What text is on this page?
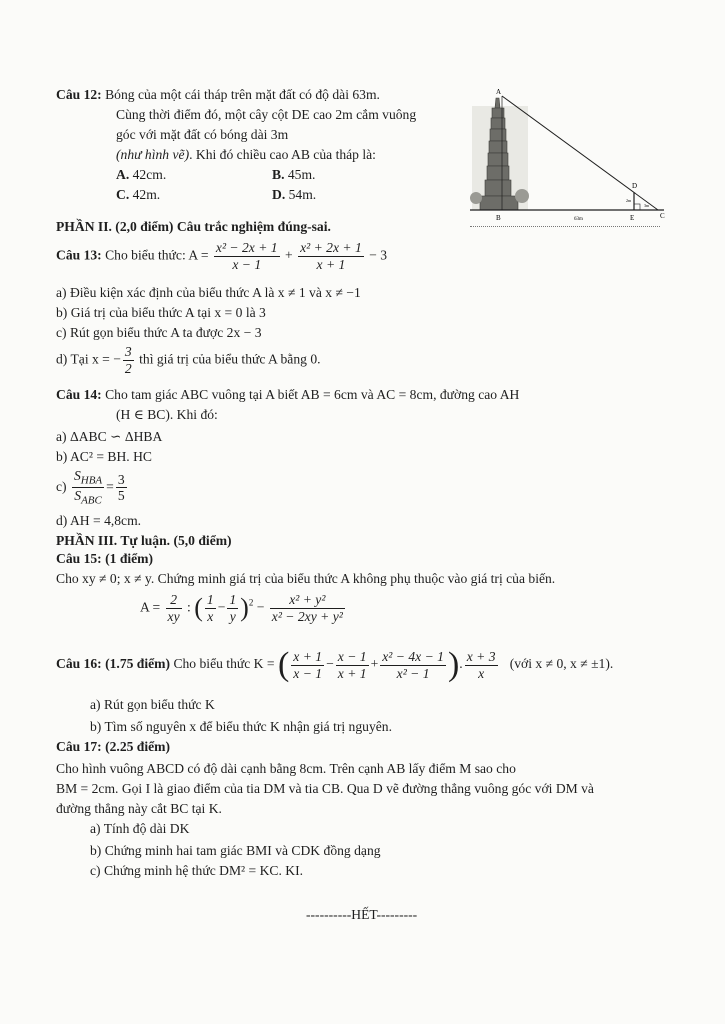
Câu 12: Bóng của một cái tháp trên mặt đất có độ dài 63m.
Cùng thời điểm đó, một cây cột DE cao 2m cắm vuông
góc với mặt đất có bóng dài 3m
(như hình vẽ). Khi đó chiều cao AB của tháp là:
A. 42cm.	B. 45m.
C. 42m.	D. 54m.
A
B	C
D
E
63m
2m
3m
PHẦN II. (2,0 điểm) Câu trắc nghiệm đúng-sai.
Câu 13: Cho biểu thức: $A = \frac{\text{x² − 2x + 1}}{x - 1} + \frac{\text{x² + 2x + 1}}{x + 1} - 3$
a) Điều kiện xác định của biểu thức A là x ≠ 1 và x ≠ −1
b) Giá trị của biểu thức A tại x = 0 là 3
c) Rút gọn biểu thức A ta được 2x − 3
d) Tại x = − $\frac{3}{2}$ thì giá trị của biểu thức A bằng 0.
Câu 14: Cho tam giác ABC vuông tại A biết AB = 6cm và AC = 8cm, đường cao AH
(H ∈ BC). Khi đó:
a) ΔABC ∽ ΔHBA
b) AC² = BH. HC
$c) \frac{S_{HBA}}{S_{ABC}} = \frac{3}{5}$
d) AH = 4,8cm.
PHẦN III. Tự luận. (5,0 điểm)
Câu 15: (1 điểm)
Cho xy ≠ 0; x ≠ y. Chứng minh giá trị của biểu thức A không phụ thuộc vào giá trị của biến.
$A = \frac{2}{xy}$ : ( $\frac{1}{x} - \frac{1}{y} )^2 - \frac{\text{x² + y²}}{\text{x² − 2xy + y²}}$
Câu 16: (1.75 điểm) Cho biểu thức K = ( $\frac{x + 1}{x - 1} - \frac{x - 1}{x + 1} + \frac{\text{x² − 4x − 1}}{\text{x² − 1}}$ ). $\frac{x + 3}{x}$ (với x ≠ 0, x ≠ ±1).
a) Rút gọn biểu thức K
b) Tìm số nguyên x để biểu thức K nhận giá trị nguyên.
Câu 17: (2.25 điểm)
Cho hình vuông ABCD có độ dài cạnh bằng 8cm. Trên cạnh AB lấy điểm M sao cho
BM = 2cm. Gọi I là giao điểm của tia DM và tia CB. Qua D vẽ đường thẳng vuông góc với DM và
đường thẳng này cắt BC tại K.
a) Tính độ dài DK
b) Chứng minh hai tam giác BMI và CDK đồng dạng
c) Chứng minh hệ thức DM² = KC. KI.
----------HẾT---------
